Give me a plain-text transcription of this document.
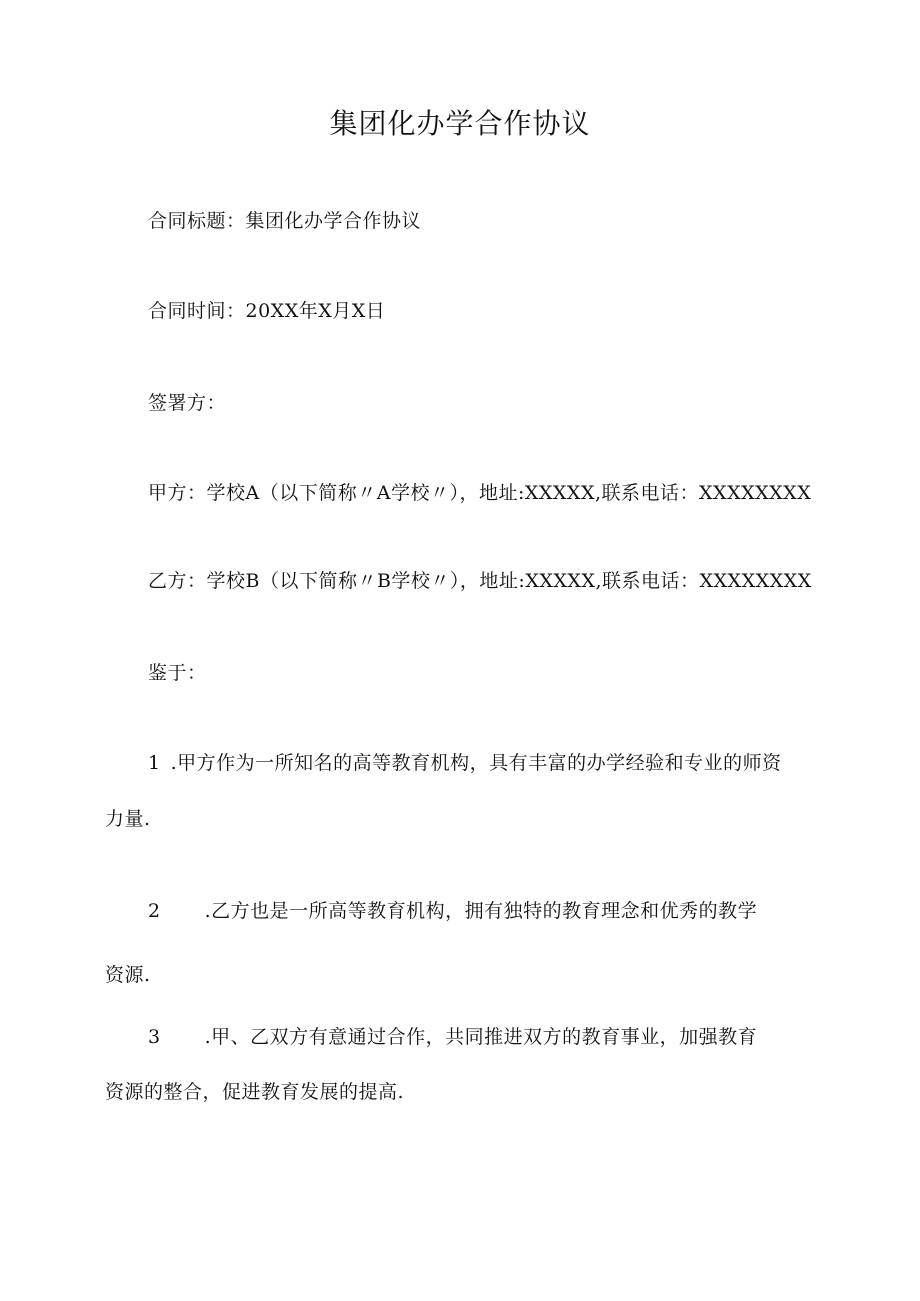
集团化办学合作协议
合同标题：集团化办学合作协议
合同时间：20XX年X月X日
签署方：
甲方：学校A（以下简称〃A学校〃），地址:XXXXX,联系电话：XXXXXXXX
乙方：学校B（以下简称〃B学校〃），地址:XXXXX,联系电话：XXXXXXXX
鉴于：
1 .甲方作为一所知名的高等教育机构，具有丰富的办学经验和专业的师资
力量.
2 .乙方也是一所高等教育机构，拥有独特的教育理念和优秀的教学
资源.
3 .甲、乙双方有意通过合作，共同推进双方的教育事业，加强教育
资源的整合，促进教育发展的提高.
